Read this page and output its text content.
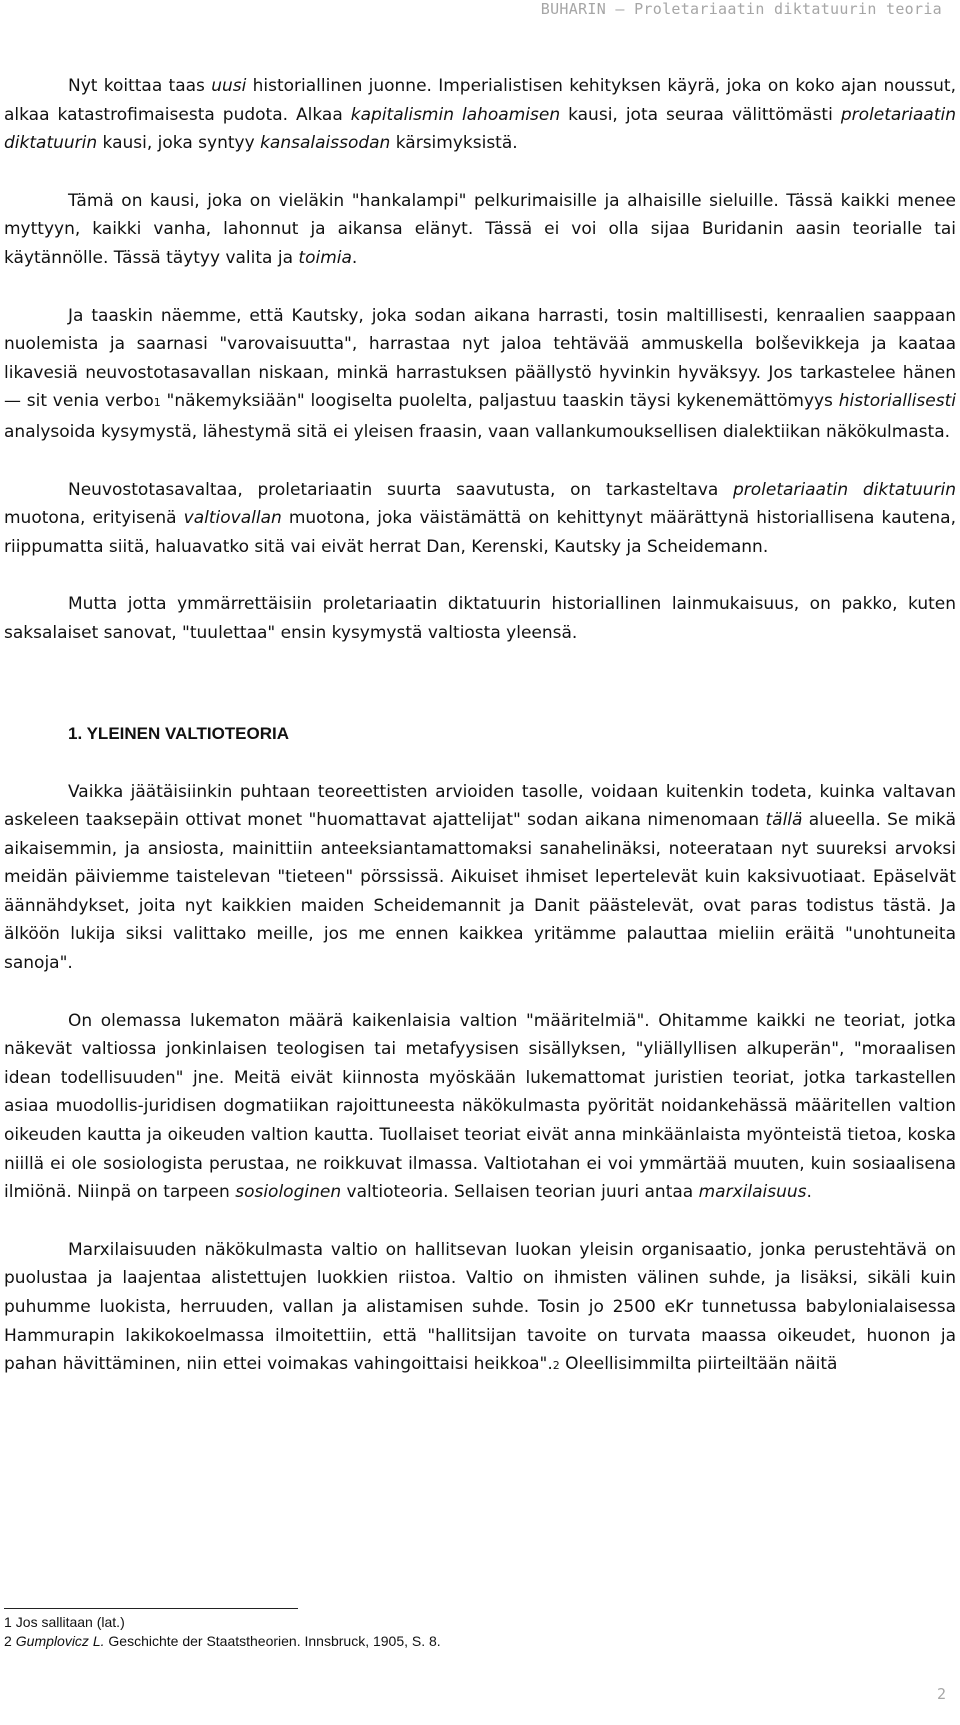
BUHARIN – Proletariaatin diktatuurin teoria

Nyt koittaa taas uusi historiallinen juonne. Imperialistisen kehityksen käyrä, joka on koko ajan noussut, alkaa katastrofimaisesta pudota. Alkaa kapitalismin lahoamisen kausi, jota seuraa välittömästi proletariaatin diktatuurin kausi, joka syntyy kansalaissodan kärsimyksistä.

Tämä on kausi, joka on vieläkin "hankalampi" pelkurimaisille ja alhaisille sieluille. Tässä kaikki menee myttyyn, kaikki vanha, lahonnut ja aikansa elänyt. Tässä ei voi olla sijaa Buridanin aasin teorialle tai käytännölle. Tässä täytyy valita ja toimia.

Ja taaskin näemme, että Kautsky, joka sodan aikana harrasti, tosin maltillisesti, kenraalien saappaan nuolemista ja saarnasi "varovaisuutta", harrastaa nyt jaloa tehtävää ammuskella bolševikkeja ja kaataa likavesiä neuvostotasavallan niskaan, minkä harrastuksen päällystö hyvinkin hyväksyy. Jos tarkastelee hänen — sit venia verbo1 "näkemyksiään" loogiselta puolelta, paljastuu taaskin täysi kykenemättömyys historiallisesti analysoida kysymystä, lähestymä sitä ei yleisen fraasin, vaan vallankumouksellisen dialektiikan näkökulmasta.

Neuvostotasavaltaa, proletariaatin suurta saavutusta, on tarkasteltava proletariaatin diktatuurin muotona, erityisenä valtiovallan muotona, joka väistämättä on kehittynyt määrättynä historiallisena kautena, riippumatta siitä, haluavatko sitä vai eivät herrat Dan, Kerenski, Kautsky ja Scheidemann.

Mutta jotta ymmärrettäisiin proletariaatin diktatuurin historiallinen lainmukaisuus, on pakko, kuten saksalaiset sanovat, "tuulettaa" ensin kysymystä valtiosta yleensä.

1. YLEINEN VALTIOTEORIA

Vaikka jäätäisiinkin puhtaan teoreettisten arvioiden tasolle, voidaan kuitenkin todeta, kuinka valtavan askeleen taaksepäin ottivat monet "huomattavat ajattelijat" sodan aikana nimenomaan tällä alueella. Se mikä aikaisemmin, ja ansiosta, mainittiin anteeksiantamattomaksi sanahelinäksi, noteerataan nyt suureksi arvoksi meidän päiviemme taistelevan "tieteen" pörssissä. Aikuiset ihmiset lepertelevät kuin kaksivuotiaat. Epäselvät äännähdykset, joita nyt kaikkien maiden Scheidemannit ja Danit päästelevät, ovat paras todistus tästä. Ja älköön lukija siksi valittako meille, jos me ennen kaikkea yritämme palauttaa mieliin eräitä "unohtuneita sanoja".

On olemassa lukematon määrä kaikenlaisia valtion "määritelmiä". Ohitamme kaikki ne teoriat, jotka näkevät valtiossa jonkinlaisen teologisen tai metafyysisen sisällyksen, "yliällyllisen alkuperän", "moraalisen idean todellisuuden" jne. Meitä eivät kiinnosta myöskään lukemattomat juristien teoriat, jotka tarkastellen asiaa muodollis-juridisen dogmatiikan rajoittuneesta näkökulmasta pyörität noidankehässä määritellen valtion oikeuden kautta ja oikeuden valtion kautta. Tuollaiset teoriat eivät anna minkäänlaista myönteistä tietoa, koska niillä ei ole sosiologista perustaa, ne roikkuvat ilmassa. Valtiotahan ei voi ymmärtää muuten, kuin sosiaalisena ilmiönä. Niinpä on tarpeen sosiologinen valtioteoria. Sellaisen teorian juuri antaa marxilaisuus.

Marxilaisuuden näkökulmasta valtio on hallitsevan luokan yleisin organisaatio, jonka perustehtävä on puolustaa ja laajentaa alistettujen luokkien riistoa. Valtio on ihmisten välinen suhde, ja lisäksi, sikäli kuin puhumme luokista, herruuden, vallan ja alistamisen suhde. Tosin jo 2500 eKr tunnetussa babylonialaisessa Hammurapin lakikokoelmassa ilmoitettiin, että "hallitsijan tavoite on turvata maassa oikeudet, huonon ja pahan hävittäminen, niin ettei voimakas vahingoittaisi heikkoa".2 Oleellisimmilta piirteiltään näitä

1 Jos sallitaan (lat.)
2 Gumplovicz L. Geschichte der Staatstheorien. Innsbruck, 1905, S. 8.
2
